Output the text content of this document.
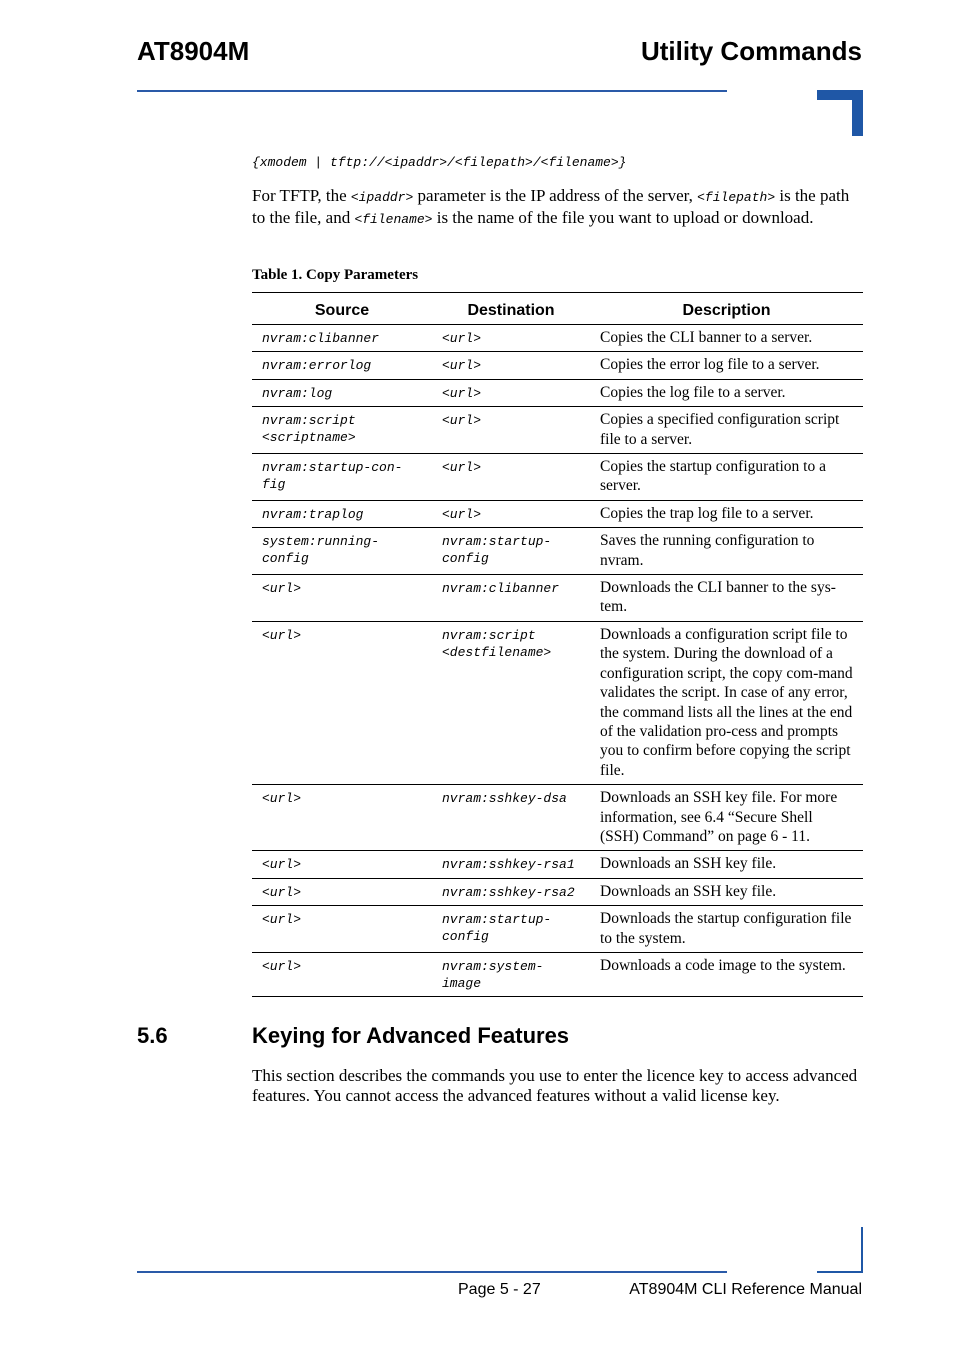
AT8904M	Utility Commands
{xmodem | tftp://<ipaddr>/<filepath>/<filename>}
For TFTP, the <ipaddr> parameter is the IP address of the server, <filepath> is the path to the file, and <filename> is the name of the file you want to upload or download.
Table 1. Copy Parameters
Source	Destination	Description
nvram:clibanner	<url>	Copies the CLI banner to a server.
nvram:errorlog	<url>	Copies the error log file to a server.
nvram:log	<url>	Copies the log file to a server.
nvram:script <scriptname>	<url>	Copies a specified configuration script file to a server.
nvram:startup-con-fig	<url>	Copies the startup configuration to a server.
nvram:traplog	<url>	Copies the trap log file to a server.
system:running-config	nvram:startup-config	Saves the running configuration to nvram.
<url>	nvram:clibanner	Downloads the CLI banner to the sys-tem.
<url>	nvram:script <destfilename>	Downloads a configuration script file to the system. During the download of a configuration script, the copy com-mand validates the script. In case of any error, the command lists all the lines at the end of the validation pro-cess and prompts you to confirm before copying the script file.
<url>	nvram:sshkey-dsa	Downloads an SSH key file. For more information, see 6.4 “Secure Shell (SSH) Command” on page 6 - 11.
<url>	nvram:sshkey-rsa1	Downloads an SSH key file.
<url>	nvram:sshkey-rsa2	Downloads an SSH key file.
<url>	nvram:startup-config	Downloads the startup configuration file to the system.
<url>	nvram:system-image	Downloads a code image to the system.
5.6	Keying for Advanced Features
This section describes the commands you use to enter the licence key to access advanced features. You cannot access the advanced features without a valid license key.
Page 5 - 27	AT8904M CLI Reference Manual
